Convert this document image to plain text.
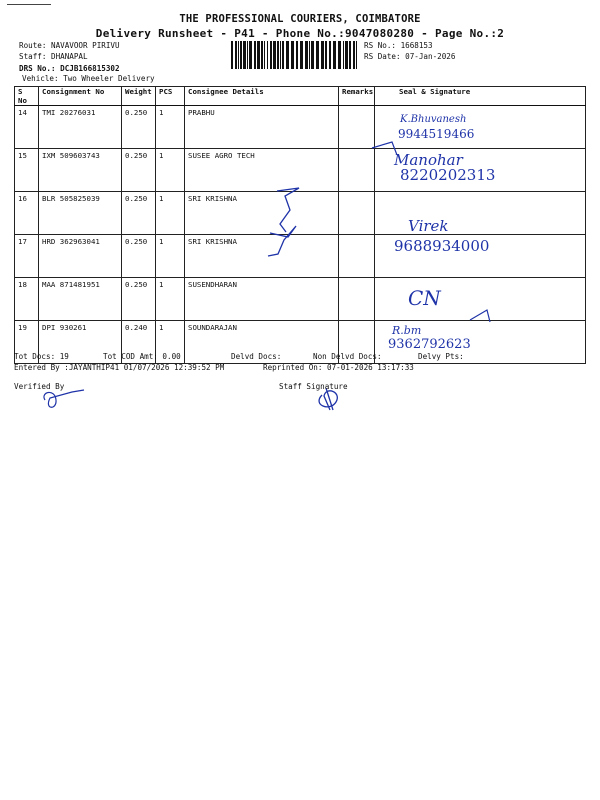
THE PROFESSIONAL COURIERS, COIMBATORE
Delivery Runsheet - P41 - Phone No.:9047080280 - Page No.:2
Route: NAVAVOOR PIRIVU
Staff: DHANAPAL
DRS No.: DCJB166815302
Vehicle: Two Wheeler Delivery
RS No.: 1668153
RS Date: 07-Jan-2026
S No	Consignment No	Weight	PCS	Consignee Details	Remarks	Seal & Signature
14	TMI 20276031	0.250	1	PRABHU		K.Bhuvanesh
9944519466

15	IXM 509603743	0.250	1	SUSEE AGRO TECH		Manohar
8220202313

16	BLR 505825039	0.250	1	SRI KRISHNA		
17	HRD 362963041	0.250	1	SRI KRISHNA		Virek
9688934000

18	MAA 871481951	0.250	1	SUSENDHARAN		CN

19	DPI 930261	0.240	1	SOUNDARAJAN		R.bm
9362792623
Tot Docs: 19	Tot COD Amt: 0.00	Delvd Docs:	Non Delvd Docs:	Delvy Pts:
Entered By :JAYANTHIP41 01/07/2026 12:39:52 PM	Reprinted On: 07-01-2026 13:17:33
Verified By	Staff Signature
